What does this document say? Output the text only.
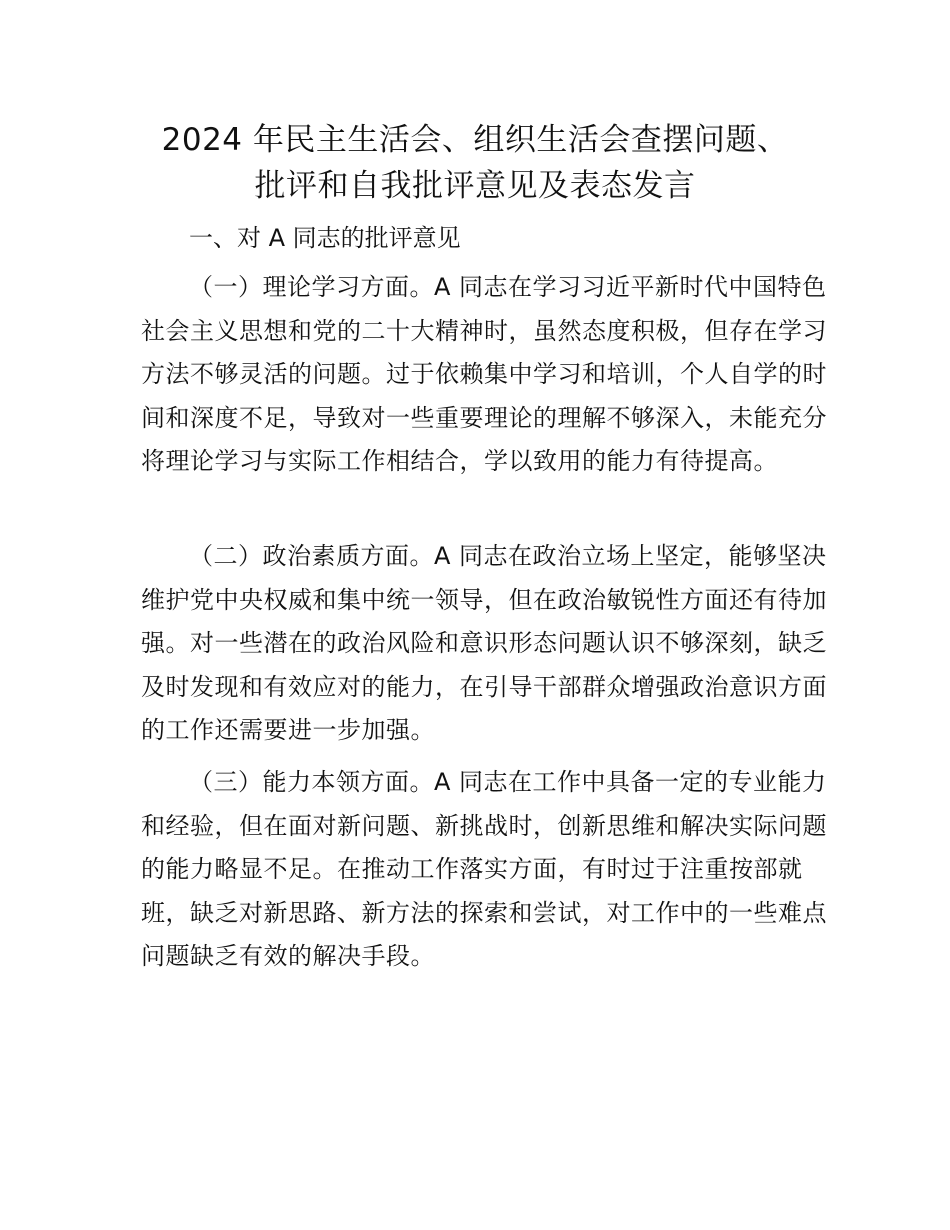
2024 年民主生活会、组织生活会查摆问题、
批评和自我批评意见及表态发言

一、对 A 同志的批评意见

（一）理论学习方面。A 同志在学习习近平新时代中国特色社会主义思想和党的二十大精神时，虽然态度积极，但存在学习方法不够灵活的问题。过于依赖集中学习和培训，个人自学的时间和深度不足，导致对一些重要理论的理解不够深入，未能充分将理论学习与实际工作相结合，学以致用的能力有待提高。

（二）政治素质方面。A 同志在政治立场上坚定，能够坚决维护党中央权威和集中统一领导，但在政治敏锐性方面还有待加强。对一些潜在的政治风险和意识形态问题认识不够深刻，缺乏及时发现和有效应对的能力，在引导干部群众增强政治意识方面的工作还需要进一步加强。

（三）能力本领方面。A 同志在工作中具备一定的专业能力和经验，但在面对新问题、新挑战时，创新思维和解决实际问题的能力略显不足。在推动工作落实方面，有时过于注重按部就班，缺乏对新思路、新方法的探索和尝试，对工作中的一些难点问题缺乏有效的解决手段。
